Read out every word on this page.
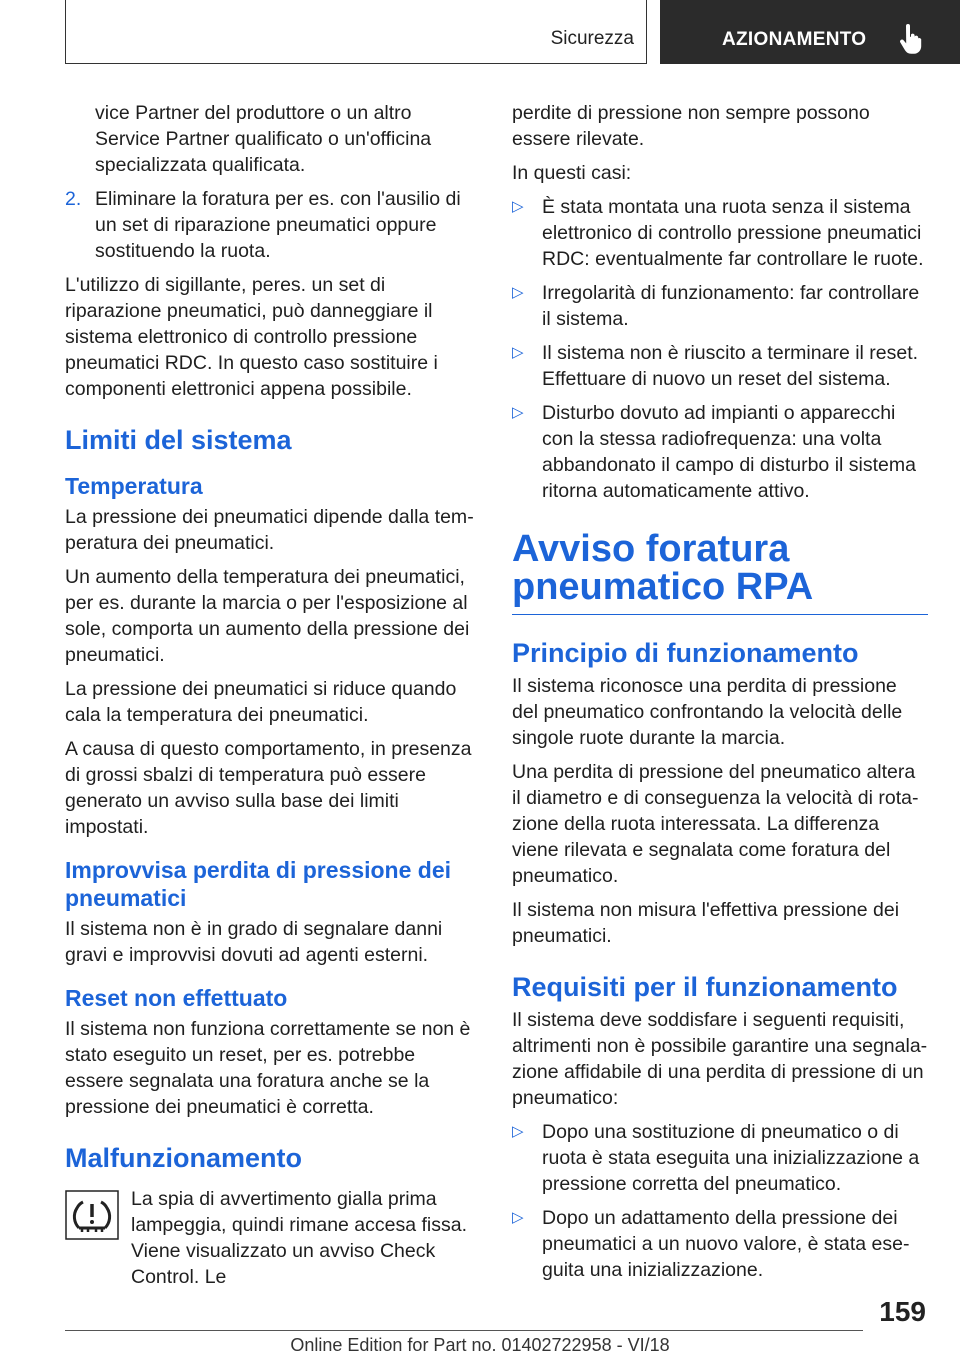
Sicurezza	AZIONAMENTO

vice Partner del produttore o un altro Service Partner qualificato o un'officina specializzata qualificata.

2. Eliminare la foratura per es. con l'ausilio di un set di riparazione pneumatici oppure sostituendo la ruota.

L'utilizzo di sigillante, peres. un set di riparazione pneumatici, può danneggiare il sistema elettronico di controllo pressione pneumatici RDC. In questo caso sostituire i componenti elettronici appena possibile.

Limiti del sistema
Temperatura

La pressione dei pneumatici dipende dalla temperatura dei pneumatici.

Un aumento della temperatura dei pneumatici, per es. durante la marcia o per l'esposizione al sole, comporta un aumento della pressione dei pneumatici.

La pressione dei pneumatici si riduce quando cala la temperatura dei pneumatici.

A causa di questo comportamento, in presenza di grossi sbalzi di temperatura può essere generato un avviso sulla base dei limiti impostati.

Improvvisa perdita di pressione dei pneumatici

Il sistema non è in grado di segnalare danni gravi e improvvisi dovuti ad agenti esterni.

Reset non effettuato

Il sistema non funziona correttamente se non è stato eseguito un reset, per es. potrebbe essere segnalata una foratura anche se la pressione dei pneumatici è corretta.

Malfunzionamento

La spia di avvertimento gialla prima lampeggia, quindi rimane accesa fissa. Viene visualizzato un avviso Check Control. Le

perdite di pressione non sempre possono essere rilevate.

In questi casi:

▷ È stata montata una ruota senza il sistema elettronico di controllo pressione pneumatici RDC: eventualmente far controllare le ruote.
▷ Irregolarità di funzionamento: far controllare il sistema.
▷ Il sistema non è riuscito a terminare il reset. Effettuare di nuovo un reset del sistema.
▷ Disturbo dovuto ad impianti o apparecchi con la stessa radiofrequenza: una volta abbandonato il campo di disturbo il sistema ritorna automaticamente attivo.
Avviso foratura pneumatico RPA
Principio di funzionamento

Il sistema riconosce una perdita di pressione del pneumatico confrontando la velocità delle singole ruote durante la marcia.

Una perdita di pressione del pneumatico altera il diametro e di conseguenza la velocità di rotazione della ruota interessata. La differenza viene rilevata e segnalata come foratura del pneumatico.

Il sistema non misura l'effettiva pressione dei pneumatici.

Requisiti per il funzionamento

Il sistema deve soddisfare i seguenti requisiti, altrimenti non è possibile garantire una segnalazione affidabile di una perdita di pressione di un pneumatico:

▷ Dopo una sostituzione di pneumatico o di ruota è stata eseguita una inizializzazione a pressione corretta del pneumatico.
▷ Dopo un adattamento della pressione dei pneumatici a un nuovo valore, è stata eseguita una inizializzazione.
159
Online Edition for Part no. 01402722958 - VI/18
